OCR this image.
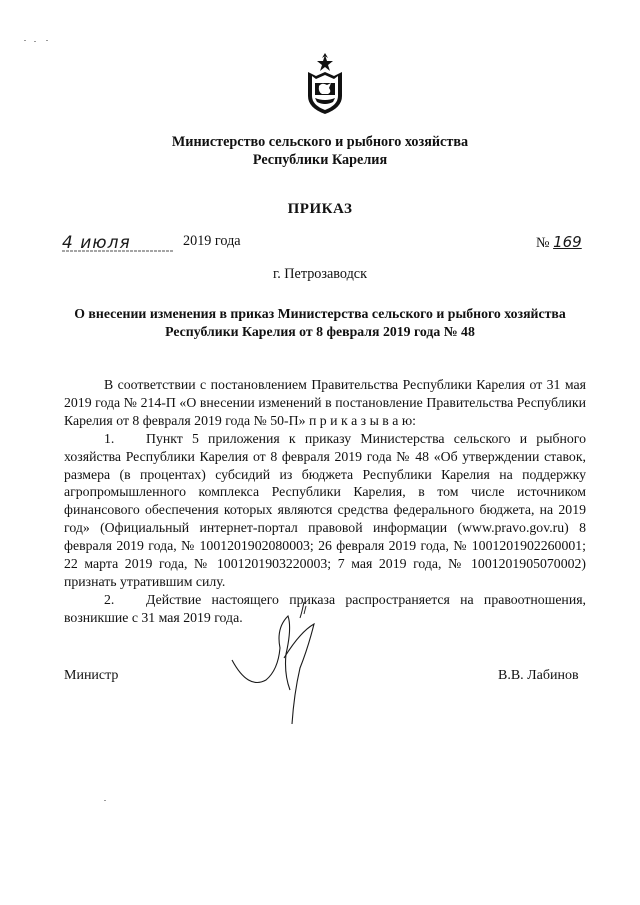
Министерство сельского и рыбного хозяйства
Республики Карелия
ПРИКАЗ
4 июля	2019 года	№ 169
г. Петрозаводск
О внесении изменения в приказ Министерства сельского и рыбного хозяйства
Республики Карелия от 8 февраля 2019 года № 48

В соответствии с постановлением Правительства Республики Карелия от 31 мая 2019 года № 214-П «О внесении изменений в постановление Правительства Республики Карелия от 8 февраля 2019 года № 50-П» п р и к а з ы в а ю:

1. Пункт 5 приложения к приказу Министерства сельского и рыбного хозяйства Республики Карелия от 8 февраля 2019 года № 48 «Об утверждении ставок, размера (в процентах) субсидий из бюджета Республики Карелия на поддержку агропромышленного комплекса Республики Карелия, в том числе источником финансового обеспечения которых являются средства федерального бюджета, на 2019 год» (Официальный интернет-портал правовой информации (www.pravo.gov.ru) 8 февраля 2019 года, № 1001201902080003; 26 февраля 2019 года, № 1001201902260001; 22 марта 2019 года, № 1001201903220003; 7 мая 2019 года, № 1001201905070002) признать утратившим силу.

2. Действие настоящего приказа распространяется на правоотношения, возникшие с 31 мая 2019 года.

Министр	В.В. Лабинов
